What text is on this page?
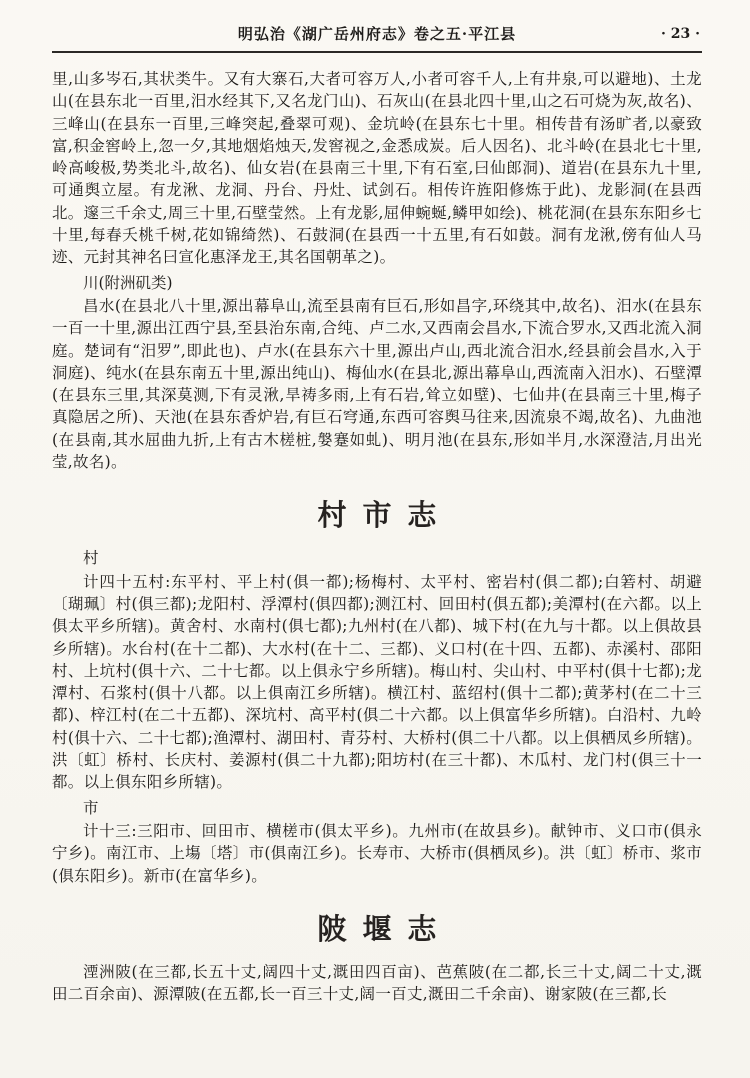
明弘治《湖广岳州府志》卷之五·平江县	· 23 ·

里,山多岑石,其状类牛。又有大寨石,大者可容万人,小者可容千人,上有井泉,可以避地)、土龙山(在县东北一百里,汨水经其下,又名龙门山)、石灰山(在县北四十里,山之石可烧为灰,故名)、三峰山(在县东一百里,三峰突起,叠翠可观)、金坑岭(在县东七十里。相传昔有汤旷者,以豪致富,积金窖岭上,忽一夕,其地烟焰烛天,发窖视之,金悉成炭。后人因名)、北斗岭(在县北七十里,岭高峻极,势类北斗,故名)、仙女岩(在县南三十里,下有石室,曰仙郎洞)、道岩(在县东九十里,可通舆立屋。有龙湫、龙洞、丹台、丹灶、试剑石。相传许旌阳修炼于此)、龙影洞(在县西北。邃三千余丈,周三十里,石壁莹然。上有龙影,屈伸蜿蜒,鳞甲如绘)、桃花洞(在县东东阳乡七十里,每春夭桃千树,花如锦绮然)、石鼓洞(在县西一十五里,有石如鼓。洞有龙湫,傍有仙人马迹、元封其神名曰宣化惠泽龙王,其名国朝革之)。

川(附洲矶类)

昌水(在县北八十里,源出幕阜山,流至县南有巨石,形如昌字,环绕其中,故名)、汨水(在县东一百一十里,源出江西宁县,至县治东南,合纯、卢二水,又西南会昌水,下流合罗水,又西北流入洞庭。楚词有“汨罗”,即此也)、卢水(在县东六十里,源出卢山,西北流合汨水,经县前会昌水,入于洞庭)、纯水(在县东南五十里,源出纯山)、梅仙水(在县北,源出幕阜山,西流南入汨水)、石壁潭(在县东三里,其深莫测,下有灵湫,旱祷多雨,上有石岩,耸立如壁)、七仙井(在县南三十里,梅子真隐居之所)、天池(在县东香炉岩,有巨石穹通,东西可容舆马往来,因流泉不竭,故名)、九曲池(在县南,其水屈曲九折,上有古木槎桩,媻蹇如虬)、明月池(在县东,形如半月,水深澄洁,月出光莹,故名)。

村市志

村

计四十五村:东平村、平上村(俱一都);杨梅村、太平村、密岩村(俱二都);白箬村、胡避〔瑚珮〕村(俱三都);龙阳村、浮潭村(俱四都);测江村、回田村(俱五都);美潭村(在六都。以上俱太平乡所辖)。黄舍村、水南村(俱七都);九州村(在八都)、城下村(在九与十都。以上俱故县乡所辖)。水台村(在十二都)、大水村(在十二、三都)、义口村(在十四、五都)、赤溪村、邵阳村、上坑村(俱十六、二十七都。以上俱永宁乡所辖)。梅山村、尖山村、中平村(俱十七都);龙潭村、石浆村(俱十八都。以上俱南江乡所辖)。横江村、蓝绍村(俱十二都);黄茅村(在二十三都)、梓江村(在二十五都)、深坑村、高平村(俱二十六都。以上俱富华乡所辖)。白沿村、九岭村(俱十六、二十七都);渔潭村、湖田村、青芬村、大桥村(俱二十八都。以上俱栖凤乡所辖)。洪〔虹〕桥村、长庆村、姜源村(俱二十九都);阳坊村(在三十都)、木瓜村、龙门村(俱三十一都。以上俱东阳乡所辖)。

市

计十三:三阳市、回田市、横槎市(俱太平乡)。九州市(在故县乡)。献钟市、义口市(俱永宁乡)。南江市、上塲〔塔〕市(俱南江乡)。长寿市、大桥市(俱栖凤乡)。洪〔虹〕桥市、浆市(俱东阳乡)。新市(在富华乡)。

陂堰志

湮洲陂(在三都,长五十丈,阔四十丈,溉田四百亩)、芭蕉陂(在二都,长三十丈,阔二十丈,溉田二百余亩)、源潭陂(在五都,长一百三十丈,阔一百丈,溉田二千余亩)、谢家陂(在三都,长
